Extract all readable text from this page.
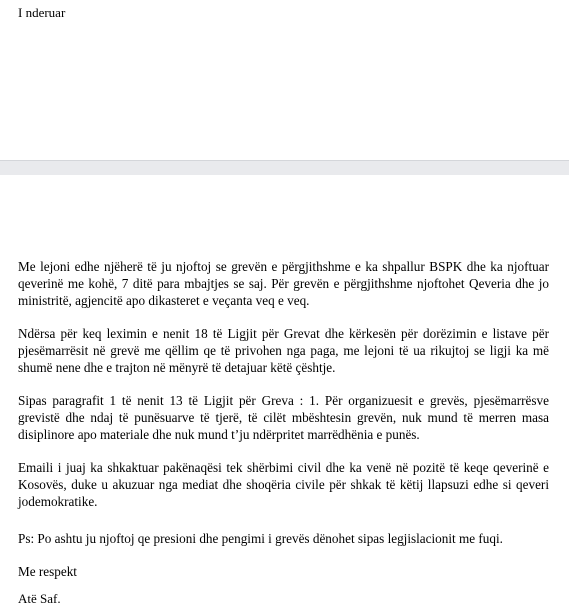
I nderuar

Me lejoni edhe njëherë të ju njoftoj se grevën e përgjithshme e ka shpallur BSPK dhe ka njoftuar qeverinë me kohë, 7 ditë para mbajtjes se saj. Për grevën e përgjithshme njoftohet Qeveria dhe jo ministritë, agjencitë apo dikasteret e veçanta veq e veq.

Ndërsa për keq leximin e nenit 18 të Ligjit për Grevat dhe kërkesën për dorëzimin e listave për pjesëmarrësit në grevë me qëllim qe të privohen nga paga, me lejoni të ua rikujtoj se ligji ka më shumë nene dhe e trajton në mënyrë të detajuar këtë çështje.

Sipas paragrafit 1 të nenit 13 të Ligjit për Greva : 1. Për organizuesit e grevës, pjesëmarrësve grevistë dhe ndaj të punësuarve të tjerë, të cilët mbështesin grevën, nuk mund të merren masa disiplinore apo materiale dhe nuk mund t’ju ndërpritet marrëdhënia e punës.

Emaili i juaj ka shkaktuar pakënaqësi tek shërbimi civil dhe ka venë në pozitë të keqe qeverinë e Kosovës, duke u akuzuar nga mediat dhe shoqëria civile për shkak të këtij llapsuzi edhe si qeveri jodemokratike.

Ps: Po ashtu ju njoftoj qe presioni dhe pengimi i grevës dënohet sipas legjislacionit me fuqi.

Me respekt

Atë Saf.
